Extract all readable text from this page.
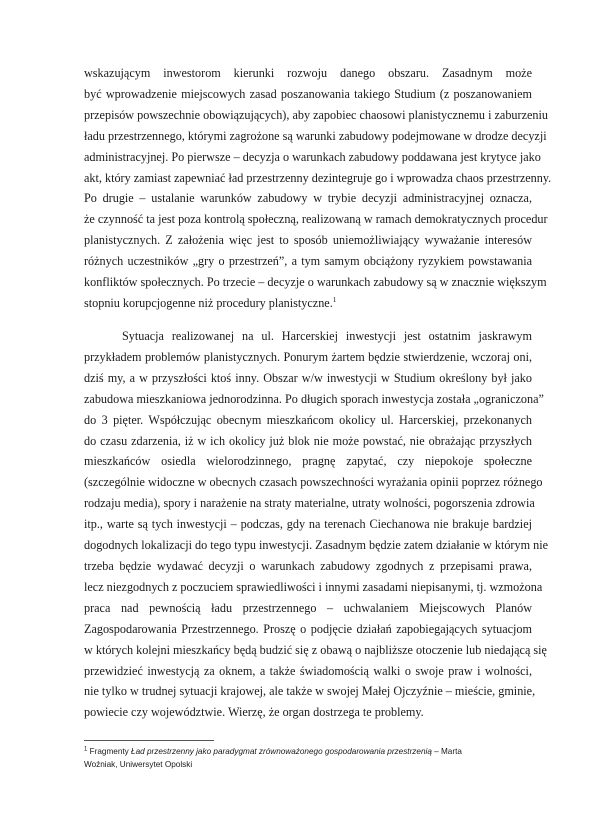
wskazującym inwestorom kierunki rozwoju danego obszaru. Zasadnym może
być wprowadzenie miejscowych zasad poszanowania takiego Studium (z poszanowaniem
przepisów powszechnie obowiązujących), aby zapobiec chaosowi planistycznemu i zaburzeniu
ładu przestrzennego, którymi zagrożone są warunki zabudowy podejmowane w drodze decyzji
administracyjnej. Po pierwsze – decyzja o warunkach zabudowy poddawana jest krytyce jako
akt, który zamiast zapewniać ład przestrzenny dezintegruje go i wprowadza chaos przestrzenny.
Po drugie – ustalanie warunków zabudowy w trybie decyzji administracyjnej oznacza,
że czynność ta jest poza kontrolą społeczną, realizowaną w ramach demokratycznych procedur
planistycznych. Z założenia więc jest to sposób uniemożliwiający wyważanie interesów
różnych uczestników „gry o przestrzeń”, a tym samym obciążony ryzykiem powstawania
konfliktów społecznych. Po trzecie – decyzje o warunkach zabudowy są w znacznie większym
stopniu korupcjogenne niż procedury planistyczne.$^1$
Sytuacja realizowanej na ul. Harcerskiej inwestycji jest ostatnim jaskrawym
przykładem problemów planistycznych. Ponurym żartem będzie stwierdzenie, wczoraj oni,
dziś my, a w przyszłości ktoś inny. Obszar w/w inwestycji w Studium określony był jako
zabudowa mieszkaniowa jednorodzinna. Po długich sporach inwestycja została „ograniczona”
do 3 pięter. Współczując obecnym mieszkańcom okolicy ul. Harcerskiej, przekonanych
do czasu zdarzenia, iż w ich okolicy już blok nie może powstać, nie obrażając przyszłych
mieszkańców osiedla wielorodzinnego, pragnę zapytać, czy niepokoje społeczne
(szczególnie widoczne w obecnych czasach powszechności wyrażania opinii poprzez różnego
rodzaju media), spory i narażenie na straty materialne, utraty wolności, pogorszenia zdrowia
itp., warte są tych inwestycji – podczas, gdy na terenach Ciechanowa nie brakuje bardziej
dogodnych lokalizacji do tego typu inwestycji. Zasadnym będzie zatem działanie w którym nie
trzeba będzie wydawać decyzji o warunkach zabudowy zgodnych z przepisami prawa,
lecz niezgodnych z poczuciem sprawiedliwości i innymi zasadami niepisanymi, tj. wzmożona
praca nad pewnością ładu przestrzennego – uchwalaniem Miejscowych Planów
Zagospodarowania Przestrzennego. Proszę o podjęcie działań zapobiegających sytuacjom
w których kolejni mieszkańcy będą budzić się z obawą o najbliższe otoczenie lub niedającą się
przewidzieć inwestycją za oknem, a także świadomością walki o swoje praw i wolności,
nie tylko w trudnej sytuacji krajowej, ale także w swojej Małej Ojczyźnie – mieście, gminie,
powiecie czy województwie. Wierzę, że organ dostrzega te problemy.
$^1$ Fragmenty Ład przestrzenny jako paradygmat zrównoważonego gospodarowania przestrzenią – Marta
Woźniak, Uniwersytet Opolski
